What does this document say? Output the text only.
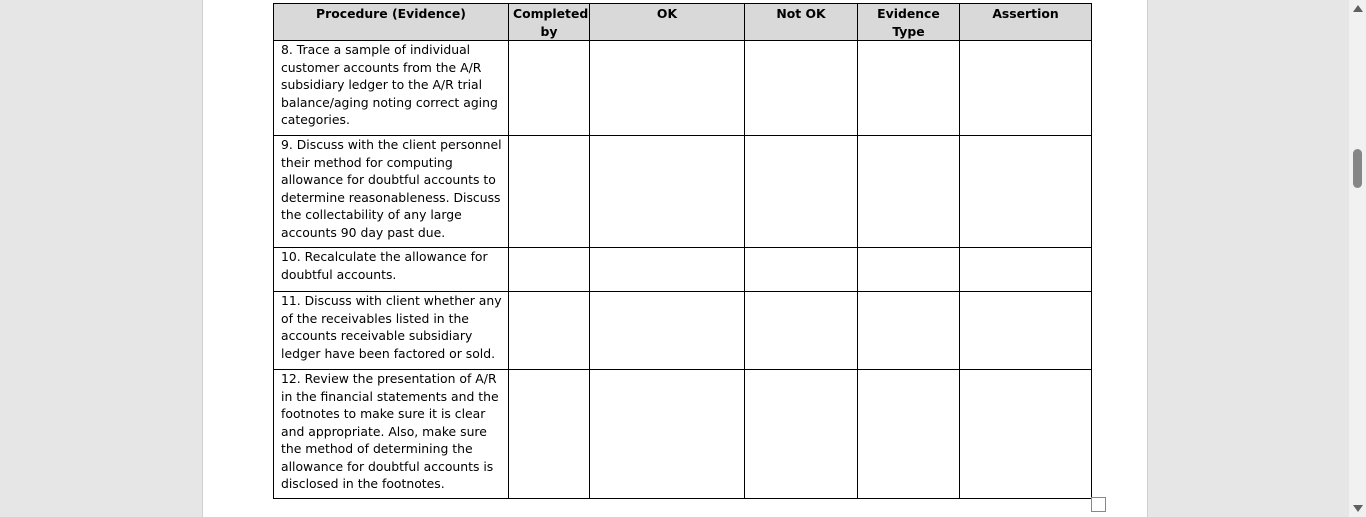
Procedure (Evidence)	Completed by	OK	Not OK	Evidence Type	Assertion
8. Trace a sample of individual customer accounts from the A/R subsidiary ledger to the A/R trial balance/aging noting correct aging categories.					
9. Discuss with the client personnel their method for computing allowance for doubtful accounts to determine reasonableness. Discuss the collectability of any large accounts 90 day past due.					
10. Recalculate the allowance for doubtful accounts.					
11. Discuss with client whether any of the receivables listed in the accounts receivable subsidiary ledger have been factored or sold.					
12. Review the presentation of A/R in the financial statements and the footnotes to make sure it is clear and appropriate. Also, make sure the method of determining the allowance for doubtful accounts is disclosed in the footnotes.					
